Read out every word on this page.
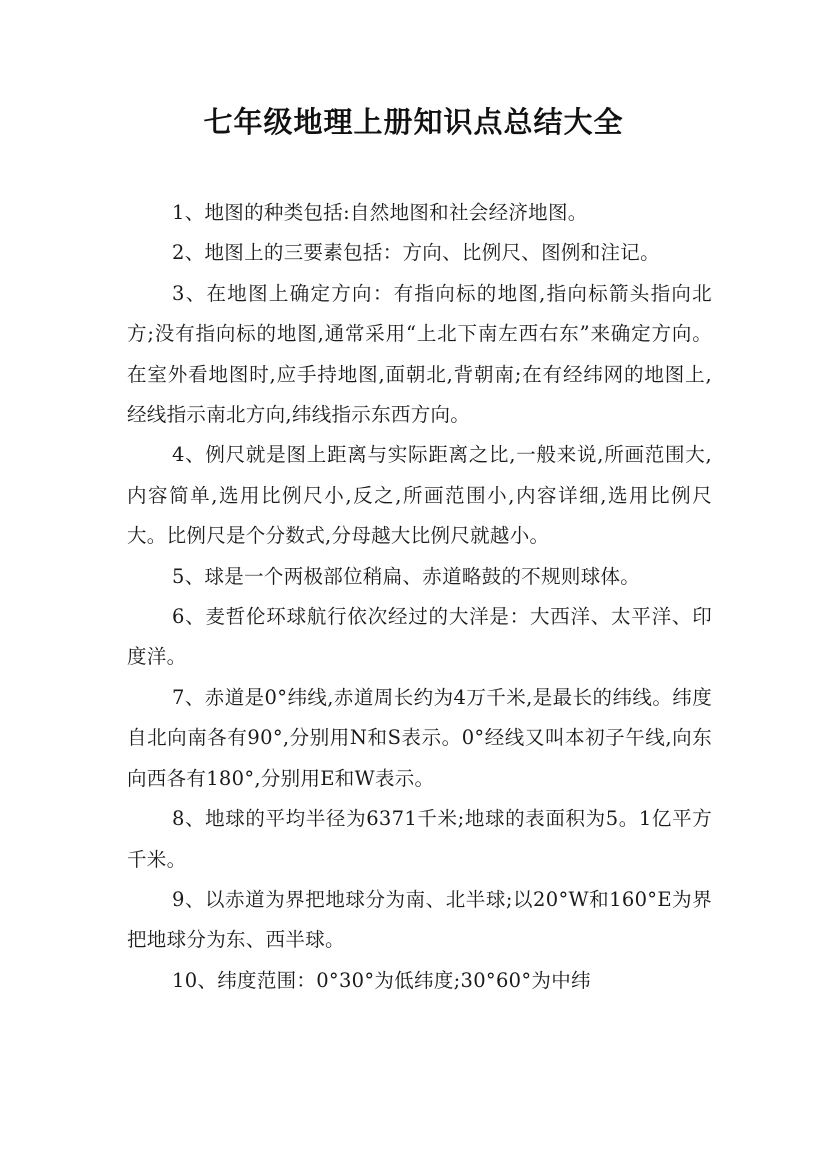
七年级地理上册知识点总结大全

1、地图的种类包括:自然地图和社会经济地图。

2、地图上的三要素包括：方向、比例尺、图例和注记。

3、在地图上确定方向：有指向标的地图,指向标箭头指向北方;没有指向标的地图,通常采用“上北下南左西右东”来确定方向。在室外看地图时,应手持地图,面朝北,背朝南;在有经纬网的地图上,经线指示南北方向,纬线指示东西方向。

4、例尺就是图上距离与实际距离之比,一般来说,所画范围大,内容简单,选用比例尺小,反之,所画范围小,内容详细,选用比例尺大。比例尺是个分数式,分母越大比例尺就越小。

5、球是一个两极部位稍扁、赤道略鼓的不规则球体。

6、麦哲伦环球航行依次经过的大洋是：大西洋、太平洋、印度洋。

7、赤道是0°纬线,赤道周长约为4万千米,是最长的纬线。纬度自北向南各有90°,分别用N和S表示。0°经线又叫本初子午线,向东向西各有180°,分别用E和W表示。

8、地球的平均半径为6371千米;地球的表面积为5。1亿平方千米。

9、以赤道为界把地球分为南、北半球;以20°W和160°E为界把地球分为东、西半球。

10、纬度范围：0°30°为低纬度;30°60°为中纬
